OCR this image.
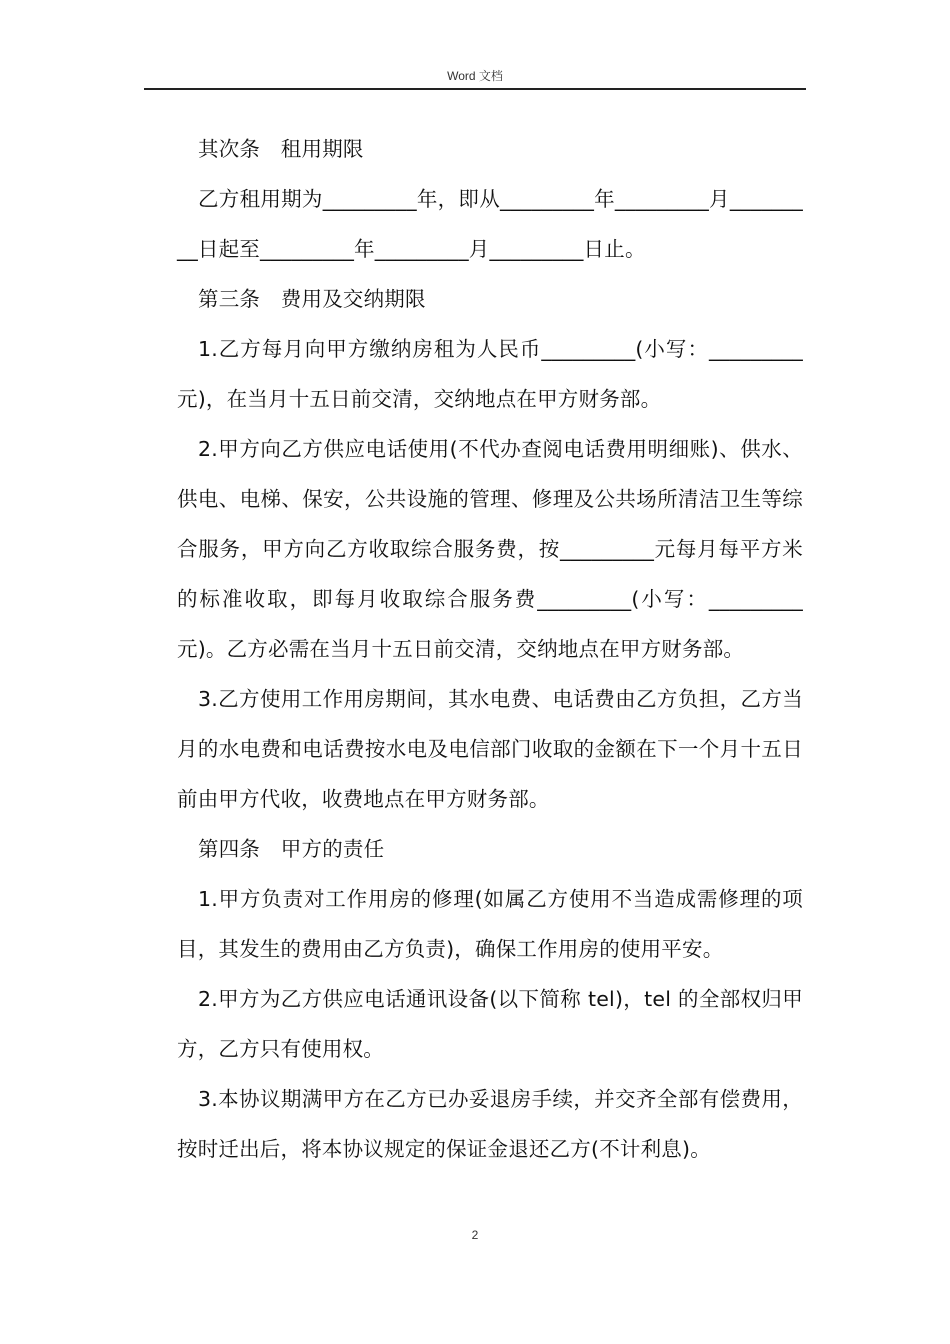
Word 文档

其次条　租用期限

乙方租用期为_________年，即从_________年_________月_________日起至_________年_________月_________日止。

第三条　费用及交纳期限

1.乙方每月向甲方缴纳房租为人民币_________(小写：_________元)，在当月十五日前交清，交纳地点在甲方财务部。

2.甲方向乙方供应电话使用(不代办查阅电话费用明细账)、供水、供电、电梯、保安，公共设施的管理、修理及公共场所清洁卫生等综合服务，甲方向乙方收取综合服务费，按_________元每月每平方米的标准收取，即每月收取综合服务费_________(小写：_________元)。乙方必需在当月十五日前交清，交纳地点在甲方财务部。

3.乙方使用工作用房期间，其水电费、电话费由乙方负担，乙方当月的水电费和电话费按水电及电信部门收取的金额在下一个月十五日前由甲方代收，收费地点在甲方财务部。

第四条　甲方的责任

1.甲方负责对工作用房的修理(如属乙方使用不当造成需修理的项目，其发生的费用由乙方负责)，确保工作用房的使用平安。

2.甲方为乙方供应电话通讯设备(以下简称 tel)，tel 的全部权归甲方，乙方只有使用权。

3.本协议期满甲方在乙方已办妥退房手续，并交齐全部有偿费用，按时迁出后，将本协议规定的保证金退还乙方(不计利息)。

2
